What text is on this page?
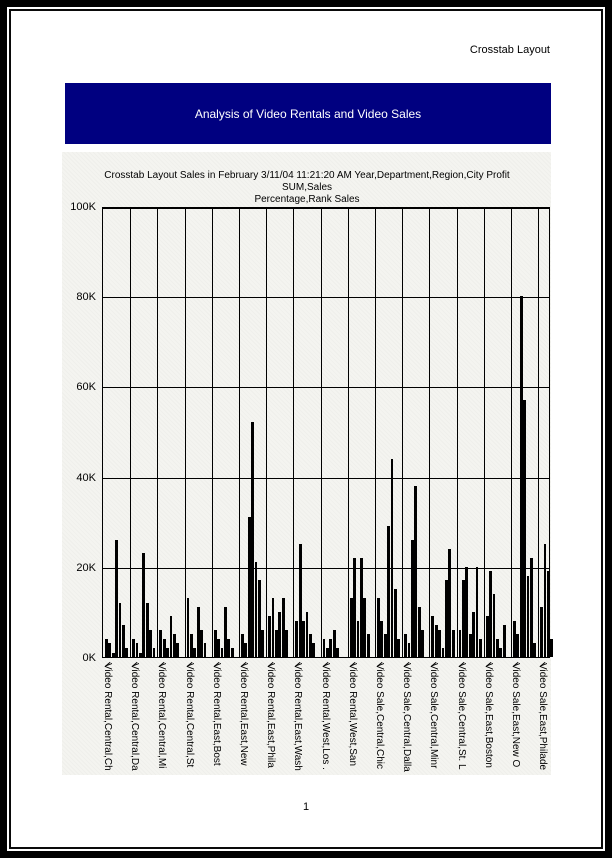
Crosstab Layout
Analysis of Video Rentals and Video Sales
Crosstab Layout Sales in February 3/11/04 11:21:20 AM Year,Department,Region,City Profit SUM,Sales
Percentage,Rank Sales
0K
20K
40K
60K
80K
100K
Video Rental,Central,Ch Video Rental,Central,Da Video Rental,Central,Mi Video Rental,Central,St Video Rental,East,Bost Video Rental,East,New Video Rental,East,Phila Video Rental,East,Wash Video Rental,West,Los . Video Rental,West,San Video Sale,Central,Chic Video Sale,Central,Dalla Video Sale,Central,Minr Video Sale,Central,St. L Video Sale,East,Boston Video Sale,East,New O Video Sale,East,Philade
1
